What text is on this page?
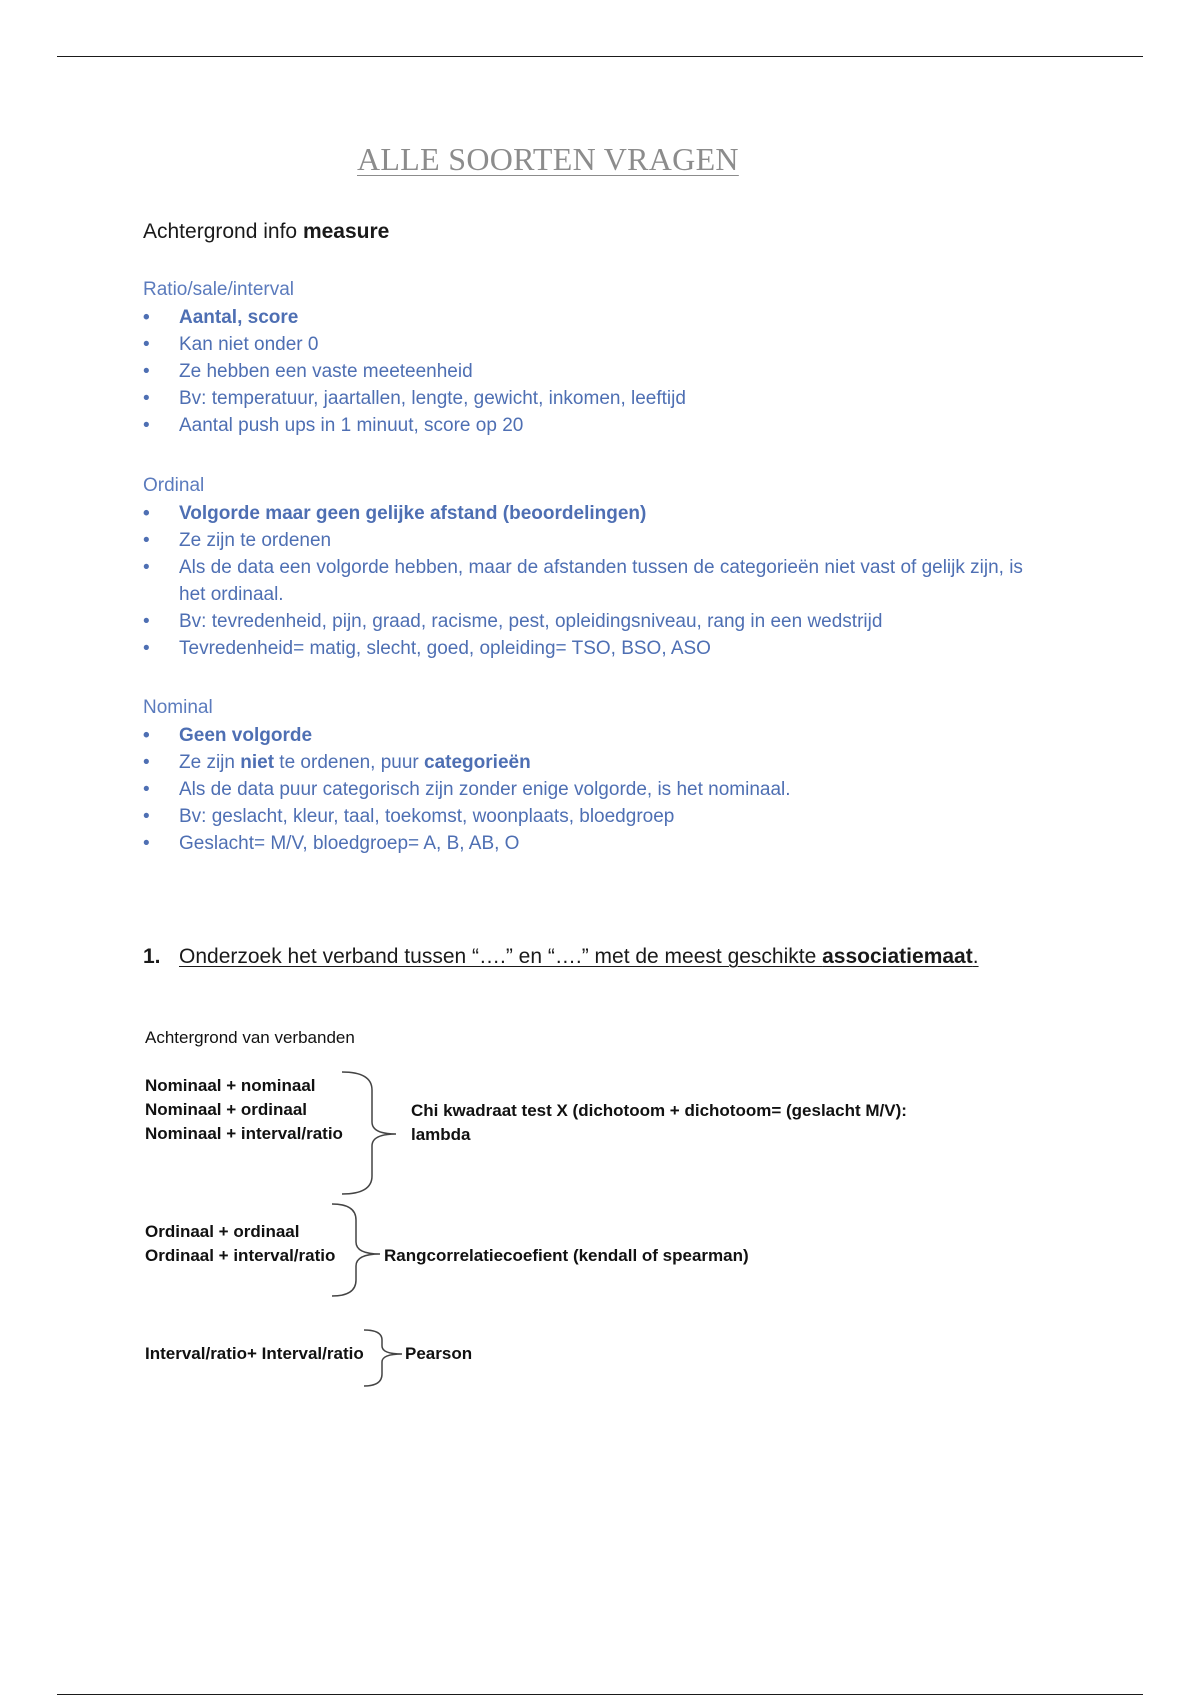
ALLE SOORTEN VRAGEN
Achtergrond info measure
Ratio/sale/interval
• Aantal, score
• Kan niet onder 0
• Ze hebben een vaste meeteenheid
• Bv: temperatuur, jaartallen, lengte, gewicht, inkomen, leeftijd
• Aantal push ups in 1 minuut, score op 20
Ordinal
• Volgorde maar geen gelijke afstand (beoordelingen)
• Ze zijn te ordenen
• Als de data een volgorde hebben, maar de afstanden tussen de categorieën niet vast of gelijk zijn, is het ordinaal.
• Bv: tevredenheid, pijn, graad, racisme, pest, opleidingsniveau, rang in een wedstrijd
• Tevredenheid= matig, slecht, goed, opleiding= TSO, BSO, ASO
Nominal
• Geen volgorde
• Ze zijn niet te ordenen, puur categorieën
• Als de data puur categorisch zijn zonder enige volgorde, is het nominaal.
• Bv: geslacht, kleur, taal, toekomst, woonplaats, bloedgroep
• Geslacht= M/V, bloedgroep= A, B, AB, O
1. Onderzoek het verband tussen “….” en “….” met de meest geschikte associatiemaat.
Achtergrond van verbanden
Nominaal + nominaal
Nominaal + ordinaal
Nominaal + interval/ratio
Chi kwadraat test X (dichotoom + dichotoom= (geslacht M/V):
lambda
Ordinaal + ordinaal
Ordinaal + interval/ratio	Rangcorrelatiecoefient (kendall of spearman)
Interval/ratio+ Interval/ratio Pearson
